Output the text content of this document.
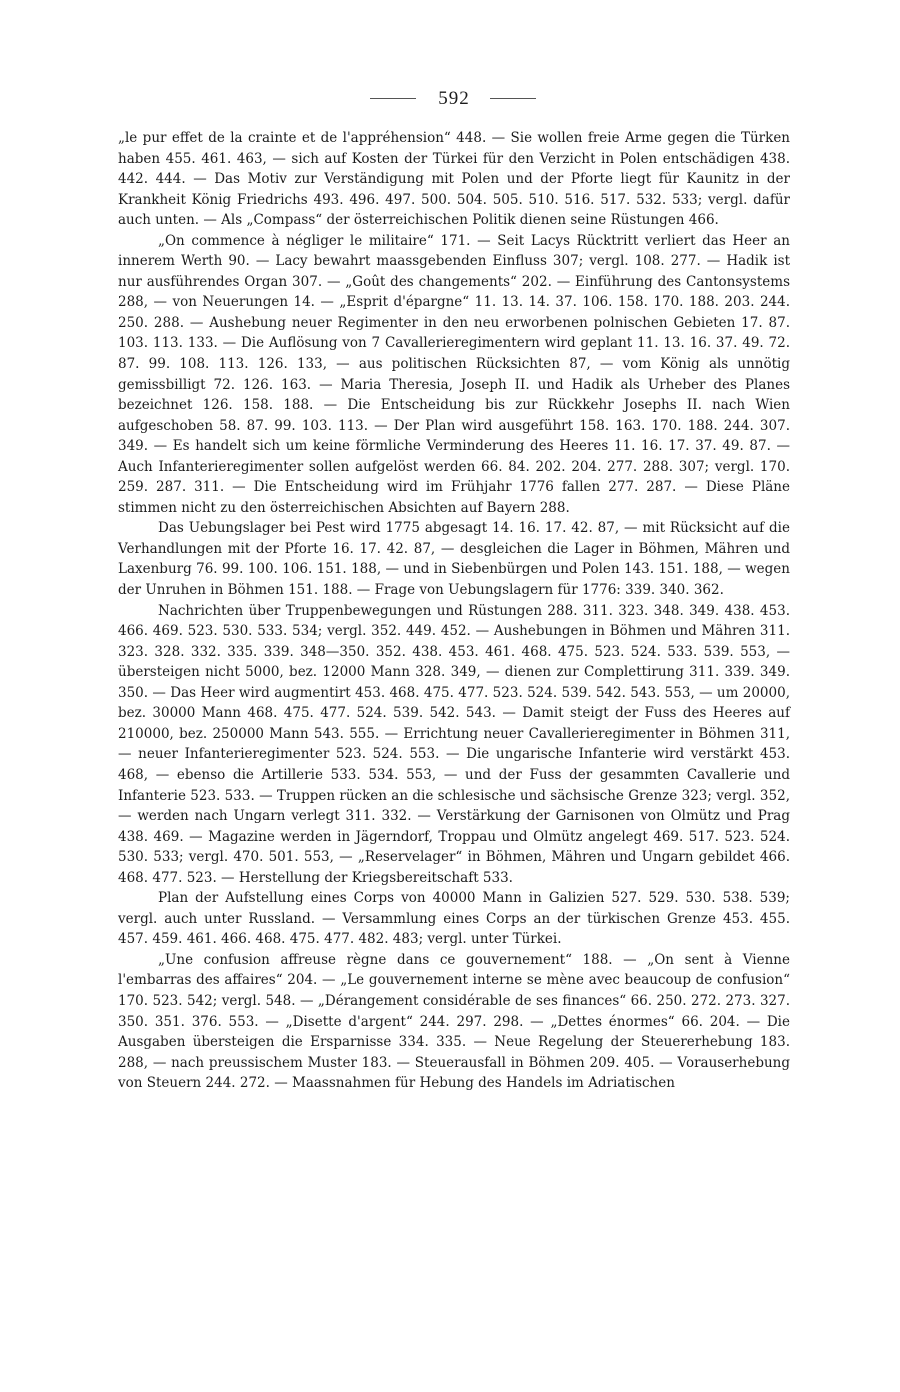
592

„le pur effet de la crainte et de l'appréhension“ 448. — Sie wollen freie Arme gegen die Türken haben 455. 461. 463, — sich auf Kosten der Türkei für den Verzicht in Polen entschädigen 438. 442. 444. — Das Motiv zur Verständigung mit Polen und der Pforte liegt für Kaunitz in der Krankheit König Friedrichs 493. 496. 497. 500. 504. 505. 510. 516. 517. 532. 533; vergl. dafür auch unten. — Als „Compass“ der österreichischen Politik dienen seine Rüstungen 466.

„On commence à négliger le militaire“ 171. — Seit Lacys Rücktritt verliert das Heer an innerem Werth 90. — Lacy bewahrt maassgebenden Einfluss 307; vergl. 108. 277. — Hadik ist nur ausführendes Organ 307. — „Goût des changements“ 202. — Einführung des Cantonsystems 288, — von Neuerungen 14. — „Esprit d'épargne“ 11. 13. 14. 37. 106. 158. 170. 188. 203. 244. 250. 288. — Aushebung neuer Regimenter in den neu erworbenen polnischen Gebieten 17. 87. 103. 113. 133. — Die Auflösung von 7 Cavallerieregimentern wird geplant 11. 13. 16. 37. 49. 72. 87. 99. 108. 113. 126. 133, — aus politischen Rücksichten 87, — vom König als unnötig gemissbilligt 72. 126. 163. — Maria Theresia, Joseph II. und Hadik als Urheber des Planes bezeichnet 126. 158. 188. — Die Entscheidung bis zur Rückkehr Josephs II. nach Wien aufgeschoben 58. 87. 99. 103. 113. — Der Plan wird ausgeführt 158. 163. 170. 188. 244. 307. 349. — Es handelt sich um keine förmliche Verminderung des Heeres 11. 16. 17. 37. 49. 87. — Auch Infanterieregimenter sollen aufgelöst werden 66. 84. 202. 204. 277. 288. 307; vergl. 170. 259. 287. 311. — Die Entscheidung wird im Frühjahr 1776 fallen 277. 287. — Diese Pläne stimmen nicht zu den österreichischen Absichten auf Bayern 288.

Das Uebungslager bei Pest wird 1775 abgesagt 14. 16. 17. 42. 87, — mit Rücksicht auf die Verhandlungen mit der Pforte 16. 17. 42. 87, — desgleichen die Lager in Böhmen, Mähren und Laxenburg 76. 99. 100. 106. 151. 188, — und in Siebenbürgen und Polen 143. 151. 188, — wegen der Unruhen in Böhmen 151. 188. — Frage von Uebungslagern für 1776: 339. 340. 362.

Nachrichten über Truppenbewegungen und Rüstungen 288. 311. 323. 348. 349. 438. 453. 466. 469. 523. 530. 533. 534; vergl. 352. 449. 452. — Aushebungen in Böhmen und Mähren 311. 323. 328. 332. 335. 339. 348—350. 352. 438. 453. 461. 468. 475. 523. 524. 533. 539. 553, — übersteigen nicht 5000, bez. 12000 Mann 328. 349, — dienen zur Complettirung 311. 339. 349. 350. — Das Heer wird augmentirt 453. 468. 475. 477. 523. 524. 539. 542. 543. 553, — um 20000, bez. 30000 Mann 468. 475. 477. 524. 539. 542. 543. — Damit steigt der Fuss des Heeres auf 210000, bez. 250000 Mann 543. 555. — Errichtung neuer Cavallerieregimenter in Böhmen 311, — neuer Infanterieregimenter 523. 524. 553. — Die ungarische Infanterie wird verstärkt 453. 468, — ebenso die Artillerie 533. 534. 553, — und der Fuss der gesammten Cavallerie und Infanterie 523. 533. — Truppen rücken an die schlesische und sächsische Grenze 323; vergl. 352, — werden nach Ungarn verlegt 311. 332. — Verstärkung der Garnisonen von Olmütz und Prag 438. 469. — Magazine werden in Jägerndorf, Troppau und Olmütz angelegt 469. 517. 523. 524. 530. 533; vergl. 470. 501. 553, — „Reservelager“ in Böhmen, Mähren und Ungarn gebildet 466. 468. 477. 523. — Herstellung der Kriegsbereitschaft 533.

Plan der Aufstellung eines Corps von 40000 Mann in Galizien 527. 529. 530. 538. 539; vergl. auch unter Russland. — Versammlung eines Corps an der türkischen Grenze 453. 455. 457. 459. 461. 466. 468. 475. 477. 482. 483; vergl. unter Türkei.

„Une confusion affreuse règne dans ce gouvernement“ 188. — „On sent à Vienne l'embarras des affaires“ 204. — „Le gouvernement interne se mène avec beaucoup de confusion“ 170. 523. 542; vergl. 548. — „Dérangement considérable de ses finances“ 66. 250. 272. 273. 327. 350. 351. 376. 553. — „Disette d'argent“ 244. 297. 298. — „Dettes énormes“ 66. 204. — Die Ausgaben übersteigen die Ersparnisse 334. 335. — Neue Regelung der Steuererhebung 183. 288, — nach preussischem Muster 183. — Steuerausfall in Böhmen 209. 405. — Vorauserhebung von Steuern 244. 272. — Maassnahmen für Hebung des Handels im Adriatischen
